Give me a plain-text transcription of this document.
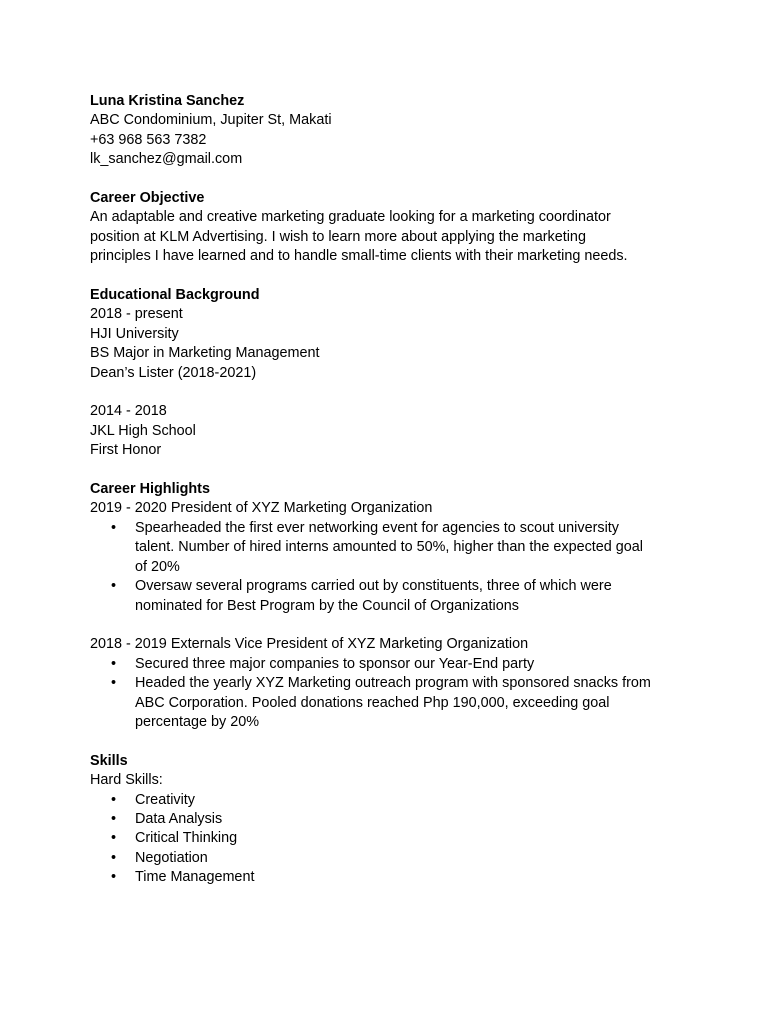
Luna Kristina Sanchez
ABC Condominium, Jupiter St, Makati
+63 968 563 7382
lk_sanchez@gmail.com
Career Objective
An adaptable and creative marketing graduate looking for a marketing coordinator
position at KLM Advertising. I wish to learn more about applying the marketing
principles I have learned and to handle small-time clients with their marketing needs.
Educational Background
2018 - present
HJI University
BS Major in Marketing Management
Dean’s Lister (2018-2021)
2014 - 2018
JKL High School
First Honor
Career Highlights
2019 - 2020 President of XYZ Marketing Organization
• Spearheaded the first ever networking event for agencies to scout university
talent. Number of hired interns amounted to 50%, higher than the expected goal
of 20%
• Oversaw several programs carried out by constituents, three of which were
nominated for Best Program by the Council of Organizations
2018 - 2019 Externals Vice President of XYZ Marketing Organization
• Secured three major companies to sponsor our Year-End party
• Headed the yearly XYZ Marketing outreach program with sponsored snacks from
ABC Corporation. Pooled donations reached Php 190,000, exceeding goal
percentage by 20%
Skills
Hard Skills:
• Creativity
• Data Analysis
• Critical Thinking
• Negotiation
• Time Management
